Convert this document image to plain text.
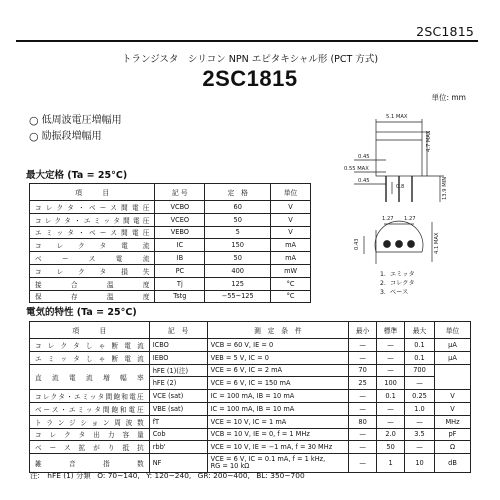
2SC1815
トランジスタ　シリコン NPN エピタキシャル形 (PCT 方式)
2SC1815
単位: mm
○ 低周波電圧増幅用
○ 励振段増幅用
5.1 MAX
4.7 MAX
0.45
0.55 MAX
0.45
0.8	13.9 MIN
1.27 1.27
4.1 MAX
0.43
1. エミッタ
2. コレクタ
3. ベース
最大定格 (Ta = 25°C)
項　　　目	記 号	定　格	単位
コレクタ・ベース間電圧	VCBO	60	V
コレクタ・エミッタ間電圧	VCEO	50	V
エミッタ・ベース間電圧	VEBO	5	V
コレクタ電流	IC	150	mA
ベース電流	IB	50	mA
コレクタ損失	PC	400	mW
接合温度	Tj	125	°C
保存温度	Tstg	−55~125	°C
電気的特性 (Ta = 25°C)
項　　　目	記　号	測　定　条　件	最小	標準	最大	単位
コレクタしゃ断電流	ICBO	VCB = 60 V, IE = 0	—	—	0.1	μA
エミッタしゃ断電流	IEBO	VEB = 5 V, IC = 0	—	—	0.1	μA
直流電流増幅率	hFE (1)(注)	VCE = 6 V, IC = 2 mA	70	—	700	
	hFE (2)	VCE = 6 V, IC = 150 mA	25	100	—	
コレクタ・エミッタ間飽和電圧	VCE (sat)	IC = 100 mA, IB = 10 mA	—	0.1	0.25	V
ベース・エミッタ間飽和電圧	VBE (sat)	IC = 100 mA, IB = 10 mA	—	—	1.0	V
トランジション周波数	fT	VCE = 10 V, IC = 1 mA	80	—	—	MHz
コレクタ出力容量	Cob	VCB = 10 V, IE = 0, f = 1 MHz	—	2.0	3.5	pF
ベース拡がり抵抗	rbb'	VCE = 10 V, IE = −1 mA, f = 30 MHz	—	50	—	Ω
雑音指数	NF	VCE = 6 V, IC = 0.1 mA, f = 1 kHz,
RG = 10 kΩ	—	1	10	dB
注:　hFE (1) 分類 O: 70~140, Y: 120~240, GR: 200~400, BL: 350~700
